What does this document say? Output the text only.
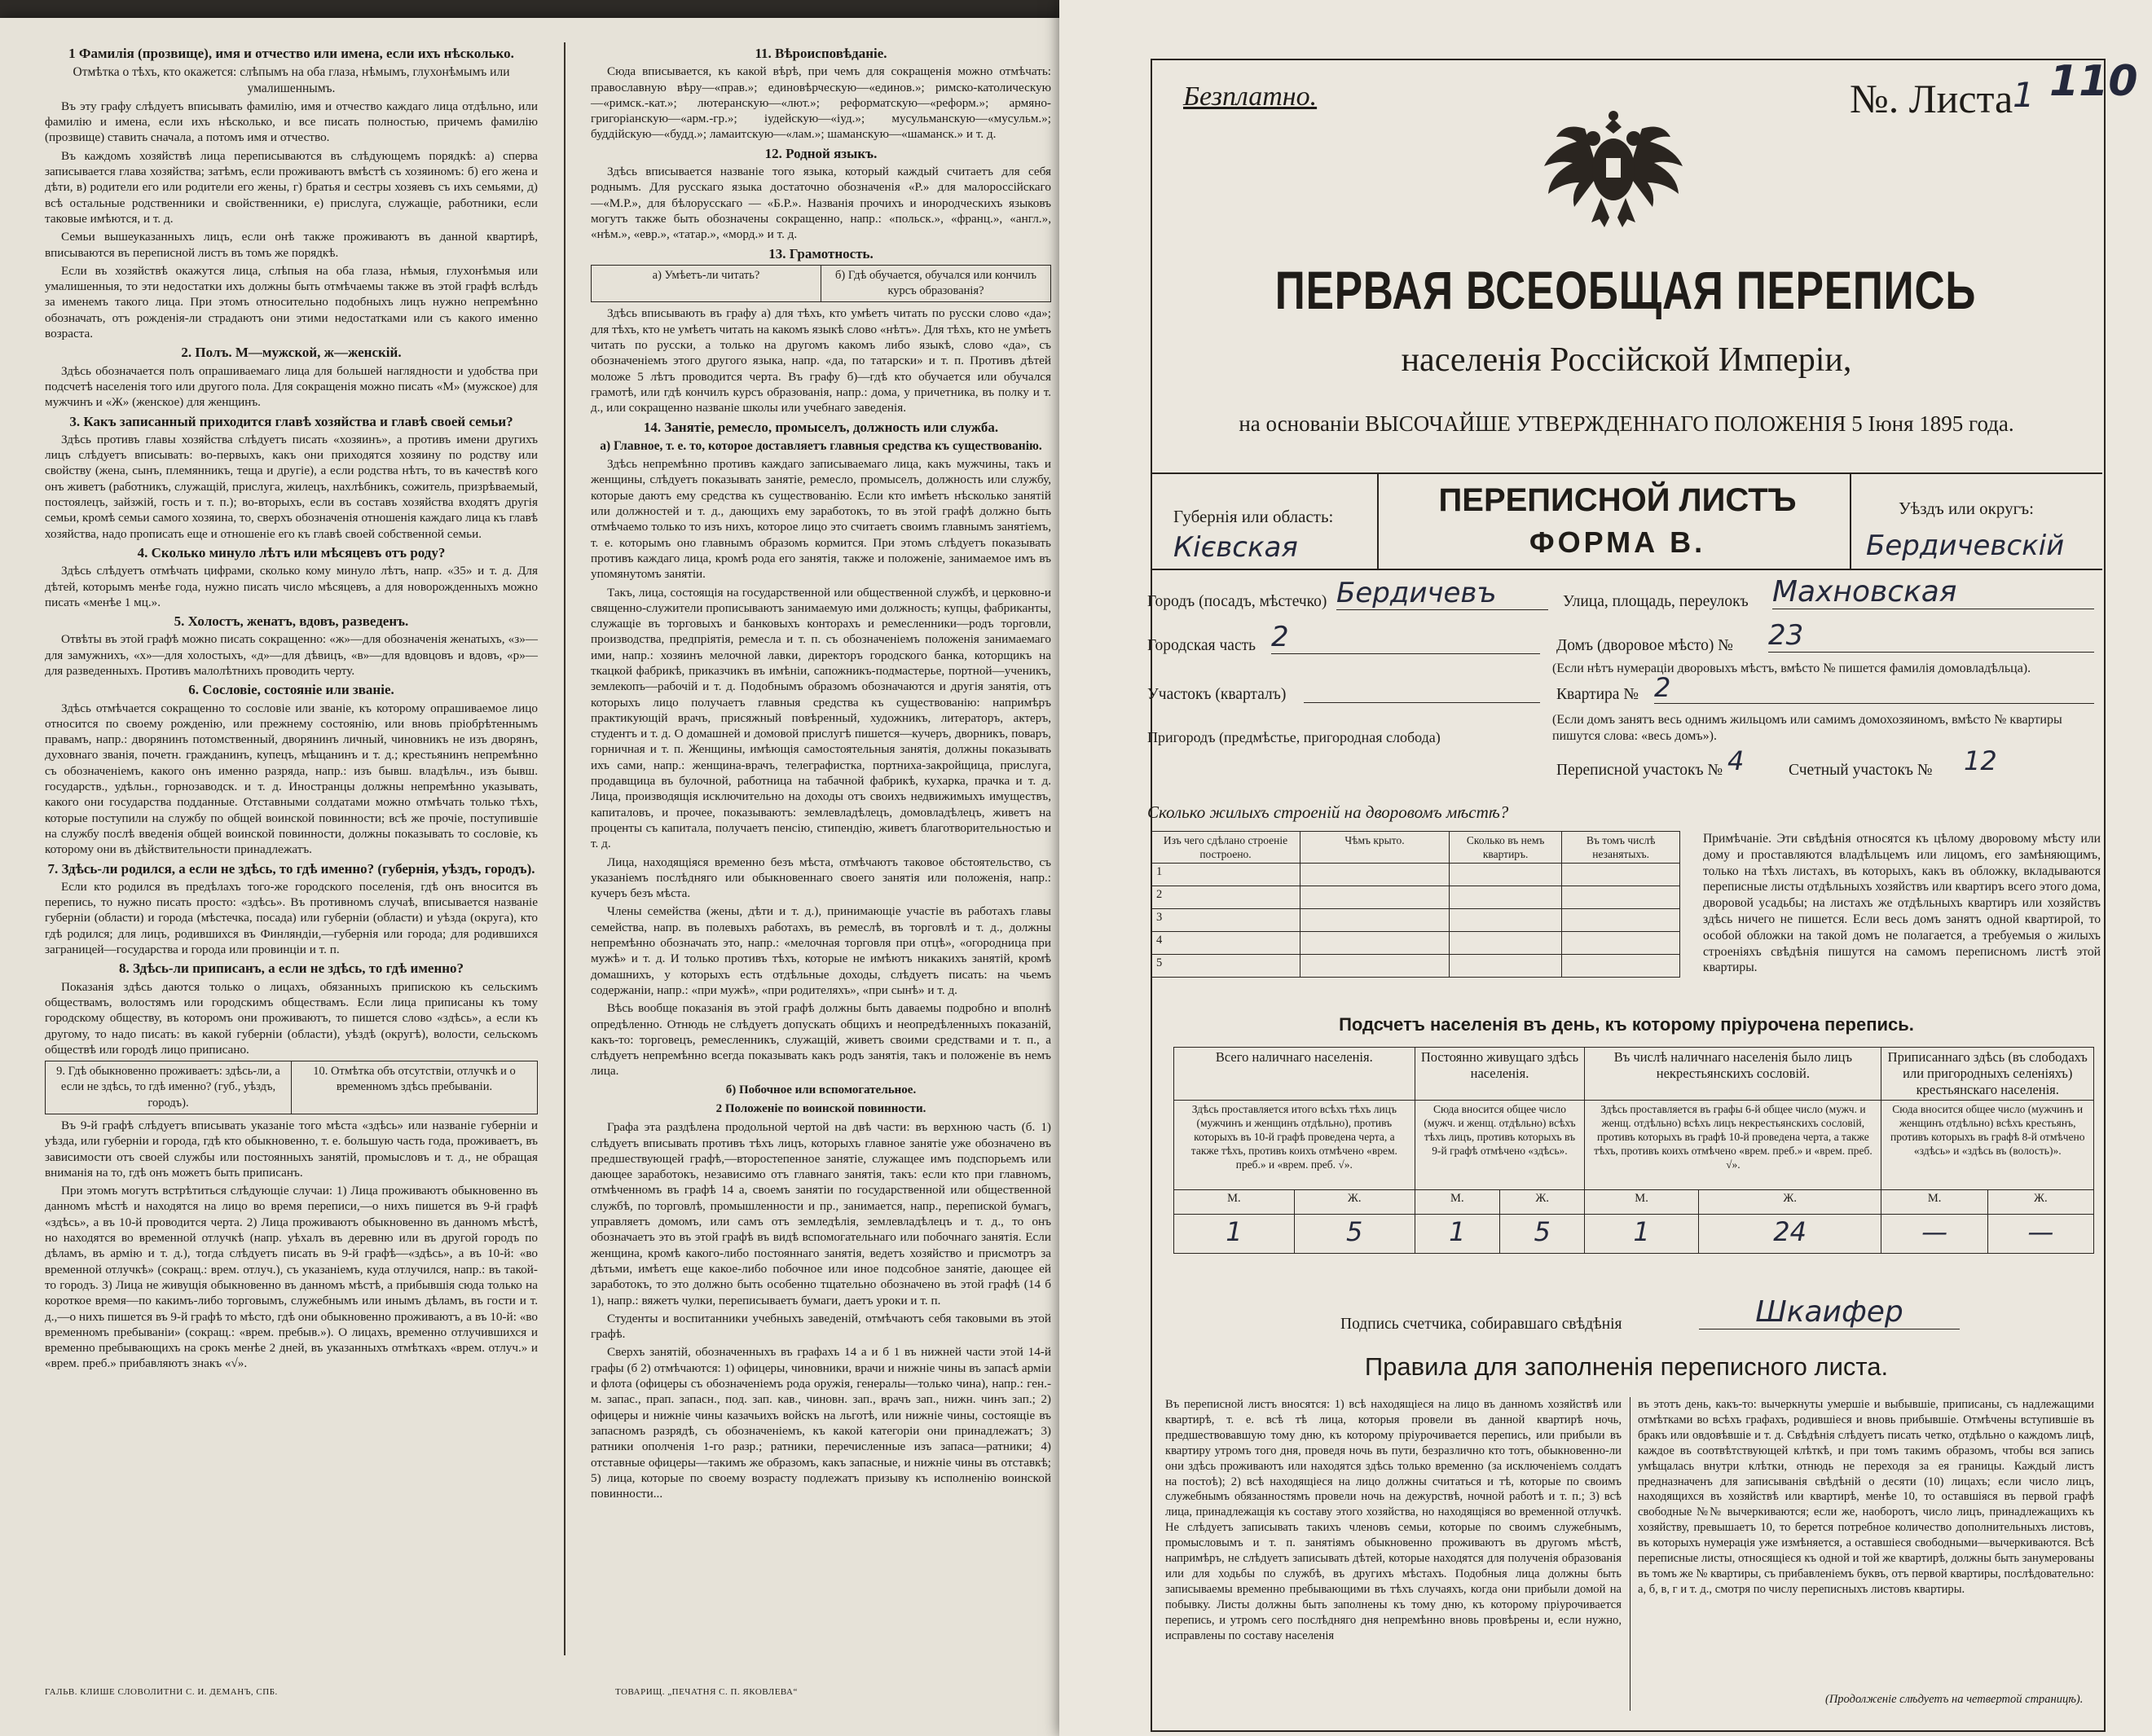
1 Фамилія (прозвище), имя и отчество или имена, если ихъ нѣсколько.
Отмѣтка о тѣхъ, кто окажется: слѣпымъ на оба глаза, нѣмымъ, глухонѣмымъ или умалишеннымъ.

Въ эту графу слѣдуетъ вписывать фамилію, имя и отчество каждаго лица отдѣльно, или фамилію и имена, если ихъ нѣсколько, и все писать полностью, причемъ фамилію (прозвище) ставить сначала, а потомъ имя и отчество.

Въ каждомъ хозяйствѣ лица переписываются въ слѣдующемъ порядкѣ: а) сперва записывается глава хозяйства; затѣмъ, если проживаютъ вмѣстѣ съ хозяиномъ: б) его жена и дѣти, в) родители его или родители его жены, г) братья и сестры хозяевъ съ ихъ семьями, д) всѣ остальные родственники и свойственники, е) прислуга, служащіе, работники, если таковые имѣются, и т. д.

Семьи вышеуказанныхъ лицъ, если онѣ также проживаютъ въ данной квартирѣ, вписываются въ переписной листъ въ томъ же порядкѣ.

Если въ хозяйствѣ окажутся лица, слѣпыя на оба глаза, нѣмыя, глухонѣмыя или умалишенныя, то эти недостатки ихъ должны быть отмѣчаемы также въ этой графѣ вслѣдъ за именемъ такого лица. При этомъ относительно подобныхъ лицъ нужно непремѣнно обозначать, отъ рожденія-ли страдаютъ они этими недостатками или съ какого именно возраста.

2. Полъ. М—мужской, ж—женскій.

Здѣсь обозначается полъ опрашиваемаго лица для большей наглядности и удобства при подсчетѣ населенія того или другого пола. Для сокращенія можно писать «М» (мужское) для мужчинъ и «Ж» (женское) для женщинъ.

3. Какъ записанный приходится главѣ хозяйства и главѣ своей семьи?

Здѣсь противъ главы хозяйства слѣдуетъ писать «хозяинъ», а противъ имени другихъ лицъ слѣдуетъ вписывать: во-первыхъ, какъ они приходятся хозяину по родству или свойству (жена, сынъ, племянникъ, теща и другіе), а если родства нѣтъ, то въ качествѣ кого онъ живетъ (работникъ, служащій, прислуга, жилецъ, нахлѣбникъ, сожитель, призрѣваемый, постоялецъ, зайзжій, гость и т. п.); во-вторыхъ, если въ составъ хозяйства входятъ другія семьи, кромѣ семьи самого хозяина, то, сверхъ обозначенія отношенія каждаго лица къ главѣ хозяйства, надо прописать еще и отношеніе его къ главѣ своей собственной семьи.

4. Сколько минуло лѣтъ или мѣсяцевъ отъ роду?

Здѣсь слѣдуетъ отмѣчать цифрами, сколько кому минуло лѣтъ, напр. «35» и т. д. Для дѣтей, которымъ менѣе года, нужно писать число мѣсяцевъ, а для новорожденныхъ можно писать «менѣе 1 мц.».

5. Холостъ, женатъ, вдовъ, разведенъ.

Отвѣты въ этой графѣ можно писать сокращенно: «ж»—для обозначенія женатыхъ, «з»—для замужнихъ, «х»—для холостыхъ, «д»—для дѣвицъ, «в»—для вдовцовъ и вдовъ, «р»—для разведенныхъ. Противъ малолѣтнихъ проводить черту.

6. Сословіе, состояніе или званіе.

Здѣсь отмѣчается сокращенно то сословіе или званіе, къ которому опрашиваемое лицо относится по своему рожденію, или прежнему состоянію, или вновь пріобрѣтеннымъ правамъ, напр.: дворянинъ потомственный, дворянинъ личный, чиновникъ не изъ дворянъ, духовнаго званія, почетн. гражданинъ, купецъ, мѣщанинъ и т. д.; крестьянинъ непремѣнно съ обозначеніемъ, какого онъ именно разряда, напр.: изъ бывш. владѣльч., изъ бывш. государств., удѣльн., горнозаводск. и т. д. Иностранцы должны непремѣнно указывать, какого они государства подданные. Отставными солдатами можно отмѣчать только тѣхъ, которые поступили на службу по общей воинской повинности; всѣ же прочіе, поступившіе на службу послѣ введенія общей воинской повинности, должны показывать то сословіе, къ которому они въ дѣйствительности принадлежатъ.

7. Здѣсь-ли родился, а если не здѣсь, то гдѣ именно? (губернія, уѣздъ, городъ).

Если кто родился въ предѣлахъ того-же городского поселенія, гдѣ онъ вносится въ перепись, то нужно писать просто: «здѣсь». Въ противномъ случаѣ, вписывается названіе губерніи (области) и города (мѣстечка, посада) или губерніи (области) и уѣзда (округа), кто гдѣ родился; для лицъ, родившихся въ Финляндіи,—губернія или города; для родившихся заграницей—государства и города или провинціи и т. п.

8. Здѣсь-ли приписанъ, а если не здѣсь, то гдѣ именно?

Показанія здѣсь даются только о лицахъ, обязанныхъ припискою къ сельскимъ обществамъ, волостямъ или городскимъ обществамъ. Если лица приписаны къ тому городскому обществу, въ которомъ они проживаютъ, то пишется слово «здѣсь», а если къ другому, то надо писать: въ какой губерніи (области), уѣздѣ (округѣ), волости, сельскомъ обществѣ или городѣ лицо приписано.

9. Гдѣ обыкновенно проживаетъ: здѣсь-ли, а если не здѣсь, то гдѣ именно? (губ., уѣздъ, городъ).
10. Отмѣтка объ отсутствіи, отлучкѣ и о временномъ здѣсь пребываніи.

Въ 9-й графѣ слѣдуетъ вписывать указаніе того мѣста «здѣсь» или названіе губерніи и уѣзда, или губерніи и города, гдѣ кто обыкновенно, т. е. большую часть года, проживаетъ, въ зависимости отъ своей службы или постоянныхъ занятій, промысловъ и т. д., не обращая вниманія на то, гдѣ онъ можетъ быть приписанъ.

При этомъ могутъ встрѣтиться слѣдующіе случаи: 1) Лица проживаютъ обыкновенно въ данномъ мѣстѣ и находятся на лицо во время переписи,—о нихъ пишется въ 9-й графѣ «здѣсь», а въ 10-й проводится черта. 2) Лица проживаютъ обыкновенно въ данномъ мѣстѣ, но находятся во временной отлучкѣ (напр. уѣхалъ въ деревню или въ другой городъ по дѣламъ, въ армію и т. д.), тогда слѣдуетъ писать въ 9-й графѣ—«здѣсь», а въ 10-й: «во временной отлучкѣ» (сокращ.: врем. отлуч.), съ указаніемъ, куда отлучился, напр.: въ такой-то городъ. 3) Лица не живущія обыкновенно въ данномъ мѣстѣ, а прибывшія сюда только на короткое время—по какимъ-либо торговымъ, служебнымъ или инымъ дѣламъ, въ гости и т. д.,—о нихъ пишется въ 9-й графѣ то мѣсто, гдѣ они обыкновенно проживаютъ, а въ 10-й: «во временномъ пребываніи» (сокращ.: «врем. пребыв.»). О лицахъ, временно отлучившихся и временно пребывающихъ на срокъ менѣе 2 дней, въ указанныхъ отмѣткахъ «врем. отлуч.» и «врем. преб.» прибавляютъ знакъ «√».

ГАЛЬВ. КЛИШЕ СЛОВОЛИТНИ С. И. ДЕМАНЪ, СПБ.
11. Вѣроисповѣданіе.

Сюда вписывается, къ какой вѣрѣ, при чемъ для сокращенія можно отмѣчать: православную вѣру—«прав.»; единовѣрческую—«единов.»; римско-католическую—«римск.-кат.»; лютеранскую—«лют.»; реформатскую—«реформ.»; армяно-григоріанскую—«арм.-гр.»; іудейскую—«іуд.»; мусульманскую—«мусульм.»; буддійскую—«будд.»; ламаитскую—«лам.»; шаманскую—«шаманск.» и т. д.

12. Родной языкъ.

Здѣсь вписывается названіе того языка, который каждый считаетъ для себя роднымъ. Для русскаго языка достаточно обозначенія «Р.» для малороссійскаго—«М.Р.», для бѣлорусскаго — «Б.Р.». Названія прочихъ и инородческихъ языковъ могутъ также быть обозначены сокращенно, напр.: «польск.», «франц.», «англ.», «нѣм.», «евр.», «татар.», «морд.» и т. д.

13. Грамотность.
а) Умѣетъ-ли читать?	б) Гдѣ обучается, обучался или кончилъ курсъ образованія?

Здѣсь вписывають въ графу а) для тѣхъ, кто умѣетъ читать по русски слово «да»; для тѣхъ, кто не умѣетъ читать на какомъ языкѣ слово «нѣтъ». Для тѣхъ, кто не умѣетъ читать по русски, а только на другомъ какомъ либо языкѣ, слово «да», съ обозначеніемъ этого другого языка, напр. «да, по татарски» и т. п. Противъ дѣтей моложе 5 лѣтъ проводится черта. Въ графу б)—гдѣ кто обучается или обучался грамотѣ, или гдѣ кончилъ курсъ образованія, напр.: дома, у причетника, въ полку и т. д., или сокращенно названіе школы или учебнаго заведенія.

14. Занятіе, ремесло, промыселъ, должность или служба.
а) Главное, т. е. то, которое доставляетъ главныя средства къ существованію.

Здѣсь непремѣнно противъ каждаго записываемаго лица, какъ мужчины, такъ и женщины, слѣдуетъ показывать занятіе, ремесло, промыселъ, должность или службу, которые даютъ ему средства къ существованію. Если кто имѣетъ нѣсколько занятій или должностей и т. д., дающихъ ему заработокъ, то въ этой графѣ должно быть отмѣчаемо только то изъ нихъ, которое лицо это считаетъ своимъ главнымъ занятіемъ, т. е. которымъ оно главнымъ образомъ кормится. При этомъ слѣдуетъ показывать противъ каждаго лица, кромѣ рода его занятія, также и положеніе, занимаемое имъ въ упомянутомъ занятіи.

Такъ, лица, состоящія на государственной или общественной службѣ, и церковно-и священно-служители прописываютъ занимаемую ими должность; купцы, фабриканты, служащіе въ торговыхъ и банковыхъ конторахъ и ремесленники—родъ торговли, производства, предпріятія, ремесла и т. п. съ обозначеніемъ положенія занимаемаго ими, напр.: хозяинъ мелочной лавки, директоръ городского банка, которщикъ на ткацкой фабрикѣ, приказчикъ въ имѣніи, сапожникъ-подмастерье, портной—ученикъ, землекопъ—рабочій и т. д. Подобнымъ образомъ обозначаются и другія занятія, отъ которыхъ лицо получаетъ главныя средства къ существованію: напримѣръ практикующій врачъ, присяжный повѣренный, художникъ, литераторъ, актеръ, студентъ и т. д. О домашней и домовой прислугѣ пишется—кучеръ, дворникъ, поваръ, горничная и т. п. Женщины, имѣющія самостоятельныя занятія, должны показывать ихъ сами, напр.: женщина-врачъ, телеграфистка, портниха-закройщица, прислуга, продавщица въ булочной, работница на табачной фабрикѣ, кухарка, прачка и т. д. Лица, производящія исключительно на доходы отъ своихъ недвижимыхъ имуществъ, капиталовъ, и прочее, показываютъ: землевладѣлецъ, домовладѣлецъ, живетъ на проценты съ капитала, получаетъ пенсію, стипендію, живетъ благотворительностью и т. д.

Лица, находящіяся временно безъ мѣста, отмѣчаютъ таковое обстоятельство, съ указаніемъ послѣдняго или обыкновеннаго своего занятія или положенія, напр.: кучеръ безъ мѣста.

Члены семейства (жены, дѣти и т. д.), принимающіе участіе въ работахъ главы семейства, напр. въ полевыхъ работахъ, въ ремеслѣ, въ торговлѣ и т. д., должны непремѣнно обозначать это, напр.: «мелочная торговля при отцѣ», «огородница при мужѣ» и т. д. И только противъ тѣхъ, которые не имѣютъ никакихъ занятій, кромѣ домашнихъ, у которыхъ есть отдѣльные доходы, слѣдуетъ писать: на чьемъ содержаніи, напр.: «при мужѣ», «при родителяхъ», «при сынѣ» и т. д.

Вѣсь вообще показанія въ этой графѣ должны быть даваемы подробно и вполнѣ опредѣленно. Отнюдь не слѣдуетъ допускать общихъ и неопредѣленныхъ показаній, какъ-то: торговецъ, ремесленникъ, служащій, живетъ своими средствами и т. п., а слѣдуетъ непремѣнно всегда показывать какъ родъ занятія, такъ и положеніе въ немъ лица.

б) Побочное или вспомогательное.
2 Положеніе по воинской повинности.

Графа эта раздѣлена продольной чертой на двѣ части: въ верхнюю часть (б. 1) слѣдуетъ вписывать противъ тѣхъ лицъ, которыхъ главное занятіе уже обозначено въ предшествующей графѣ,—второстепенное занятіе, служащее имъ подспорьемъ или дающее заработокъ, независимо отъ главнаго занятія, такъ: если кто при главномъ, отмѣченномъ въ графѣ 14 а, своемъ занятіи по государственной или общественной службѣ, по торговлѣ, промышленности и пр., занимается, напр., перепиской бумагъ, управляетъ домомъ, или самъ отъ земледѣлія, землевладѣлецъ и т. д., то онъ обозначаетъ это въ этой графѣ въ видѣ вспомогательнаго или побочнаго занятія. Если женщина, кромѣ какого-либо постояннаго занятія, ведетъ хозяйство и присмотръ за дѣтьми, имѣетъ еще какое-либо побочное или иное подсобное занятіе, дающее ей заработокъ, то это должно быть особенно тщательно обозначено въ этой графѣ (14 б 1), напр.: вяжетъ чулки, переписываетъ бумаги, даетъ уроки и т. п.

Студенты и воспитанники учебныхъ заведеній, отмѣчаютъ себя таковыми въ этой графѣ.

Сверхъ занятій, обозначенныхъ въ графахъ 14 а и б 1 въ нижней части этой 14-й графы (б 2) отмѣчаются: 1) офицеры, чиновники, врачи и нижніе чины въ запасѣ арміи и флота (офицеры съ обозначеніемъ рода оружія, генералы—только чина), напр.: ген.-м. запас., прап. запасн., под. зап. кав., чиновн. зап., врачъ зап., нижн. чинъ зап.; 2) офицеры и нижніе чины казачьихъ войскъ на льготѣ, или нижніе чины, состоящіе въ запасномъ разрядѣ, съ обозначеніемъ, къ какой категоріи они принадлежатъ; 3) ратники ополченія 1-го разр.; ратники, перечисленные изъ запаса—ратники; 4) отставные офицеры—такимъ же образомъ, какъ запасные, и нижніе чины въ отставкѣ; 5) лица, которые по своему возрасту подлежатъ призыву къ исполненію воинской повинности...

ТОВАРИЩ. „ПЕЧАТНЯ С. П. ЯКОВЛЕВА“
Безплатно.	№. Листа 1 110
ПЕРВАЯ ВСЕОБЩАЯ ПЕРЕПИСЬ
населенія Россійской Имперіи,
на основаніи ВЫСОЧАЙШЕ УТВЕРЖДЕННАГО ПОЛОЖЕНІЯ 5 Іюня 1895 года.
Губернія или область:
Кієвская
ПЕРЕПИСНОЙ ЛИСТЪ
ФОРМА В.
Уѣздъ или округъ:
Бердичевскій
Городъ (посадъ, мѣстечко) Бердичевъ	Улица, площадь, переулокъ Махновская
Городская часть 2	Домъ (дворовое мѣсто) № 23
(Если нѣтъ нумераціи дворовыхъ мѣстъ, вмѣсто № пишется фамилія домовладѣльца).
Участокъ (кварталъ)	Квартира № 2
(Если домъ занятъ весь однимъ жильцомъ или самимъ домохозяиномъ, вмѣсто № квартиры пишутся слова: «весь домъ»).
Пригородъ (предмѣстье, пригородная слобода)
Переписной участокъ № 4	Счетный участокъ № 12
Сколько жилыхъ строеній на дворовомъ мѣстѣ?
Изъ чего сдѣлано строеніе построено.	Чѣмъ крыто.	Сколько въ немъ квартиръ.	Въ томъ числѣ незанятыхъ.
1			
2			
3			
4			
5			
Примѣчаніе. Эти свѣдѣнія относятся къ цѣлому дворовому мѣсту или дому и проставляются владѣльцемъ или лицомъ, его замѣняющимъ, только на тѣхъ листахъ, въ которыхъ, какъ въ обложку, вкладываются переписные листы отдѣльныхъ хозяйствъ или квартиръ всего этого дома, дворовой усадьбы; на листахъ же отдѣльныхъ квартиръ или хозяйствъ здѣсь ничего не пишется. Если весь домъ занятъ одной квартирой, то особой обложки на такой домъ не полагается, а требуемыя о жилыхъ строеніяхъ свѣдѣнія пишутся на самомъ переписномъ листѣ этой квартиры.
Подсчетъ населенія въ день, къ которому пріурочена перепись.
Всего наличнаго населенія.		Постоянно живущаго здѣсь населенія.		Въ числѣ наличнаго населенія было лицъ некрестьянскихъ сословій.		Приписаннаго здѣсь (въ слободахъ или пригородныхъ селеніяхъ) крестьянскаго населенія.	
Здѣсь проставляется итого всѣхъ тѣхъ лицъ (мужчинъ и женщинъ отдѣльно), противъ которыхъ въ 10-й графѣ проведена черта, а также тѣхъ, противъ коихъ отмѣчено «врем. преб.» и «врем. преб. √».		Сюда вносится общее число (мужч. и женщ. отдѣльно) всѣхъ тѣхъ лицъ, противъ которыхъ въ 9-й графѣ отмѣчено «здѣсь».		Здѣсь проставляется въ графы 6-й общее число (мужч. и женщ. отдѣльно) всѣхъ лицъ некрестьянскихъ сословій, противъ которыхъ въ графѣ 10-й проведена черта, а также тѣхъ, противъ коихъ отмѣчено «врем. преб.» и «врем. преб. √».		Сюда вносится общее число (мужчинъ и женщинъ отдѣльно) всѣхъ крестьянъ, противъ которыхъ въ графѣ 8-й отмѣчено «здѣсь» и «здѣсь въ (волость)».	
М.	Ж.	М.	Ж.	М.	Ж.	М.	Ж.
1	5	1	5	1	24	—	—
Подпись счетчика, собиравшаго свѣдѣнія	Шкаифер
Правила для заполненія переписного листа.
Въ переписной листъ вносятся: 1) всѣ находящіеся на лицо въ данномъ хозяйствѣ или квартирѣ, т. е. всѣ тѣ лица, которыя провели въ данной квартирѣ ночь, предшествовавшую тому дню, къ которому пріурочивается перепись, или прибыли въ квартиру утромъ того дня, проведя ночь въ пути, безразлично кто тотъ, обыкновенно-ли они здѣсь проживаютъ или находятся здѣсь только временно (за исключеніемъ солдатъ на постоѣ); 2) всѣ находящіеся на лицо должны считаться и тѣ, которые по своимъ служебнымъ обязанностямъ провели ночь на дежурствѣ, ночной работѣ и т. п.; 3) всѣ лица, принадлежащія къ составу этого хозяйства, но находящіяся во временной отлучкѣ. Не слѣдуетъ записывать такихъ членовъ семьи, которые по своимъ служебнымъ, промысловымъ и т. п. занятіямъ обыкновенно проживаютъ въ другомъ мѣстѣ, напримѣръ, не слѣдуетъ записывать дѣтей, которые находятся для полученія образованія или для ходьбы по службѣ, въ другихъ мѣстахъ. Подобныя лица должны быть записываемы временно пребывающими въ тѣхъ случаяхъ, когда они прибыли домой на побывку. Листы должны быть заполнены къ тому дню, къ которому пріурочивается перепись, и утромъ сего послѣдняго дня непремѣнно вновь провѣрены и, если нужно, исправлены по составу населенія
въ этотъ день, какъ-то: вычеркнуты умершіе и выбывшіе, приписаны, съ надлежащими отмѣтками во всѣхъ графахъ, родившіеся и вновь прибывшіе. Отмѣчены вступившіе въ бракъ или овдовѣвшіе и т. д. Свѣдѣнія слѣдуетъ писать четко, отдѣльно о каждомъ лицѣ, каждое въ соотвѣтствующей клѣткѣ, и при томъ такимъ образомъ, чтобы вся запись умѣщалась внутри клѣтки, отнюдь не переходя за ея границы. Каждый листъ предназначенъ для записыванія свѣдѣній о десяти (10) лицахъ; если число лицъ, находящихся въ хозяйствѣ или квартирѣ, менѣе 10, то оставшіяся въ первой графѣ свободные №№ вычеркиваются; если же, наоборотъ, число лицъ, принадлежащихъ къ хозяйству, превышаетъ 10, то берется потребное количество дополнительныхъ листовъ, въ которыхъ нумерація уже измѣняется, а оставшіеся свободными—вычеркиваются. Всѣ переписные листы, относящіеся къ одной и той же квартирѣ, должны быть занумерованы въ томъ же № квартиры, съ прибавленіемъ буквъ, отъ первой квартиры, послѣдовательно: а, б, в, г и т. д., смотря по числу переписныхъ листовъ квартиры.
(Продолженіе слѣдуетъ на четвертой страницѣ).
